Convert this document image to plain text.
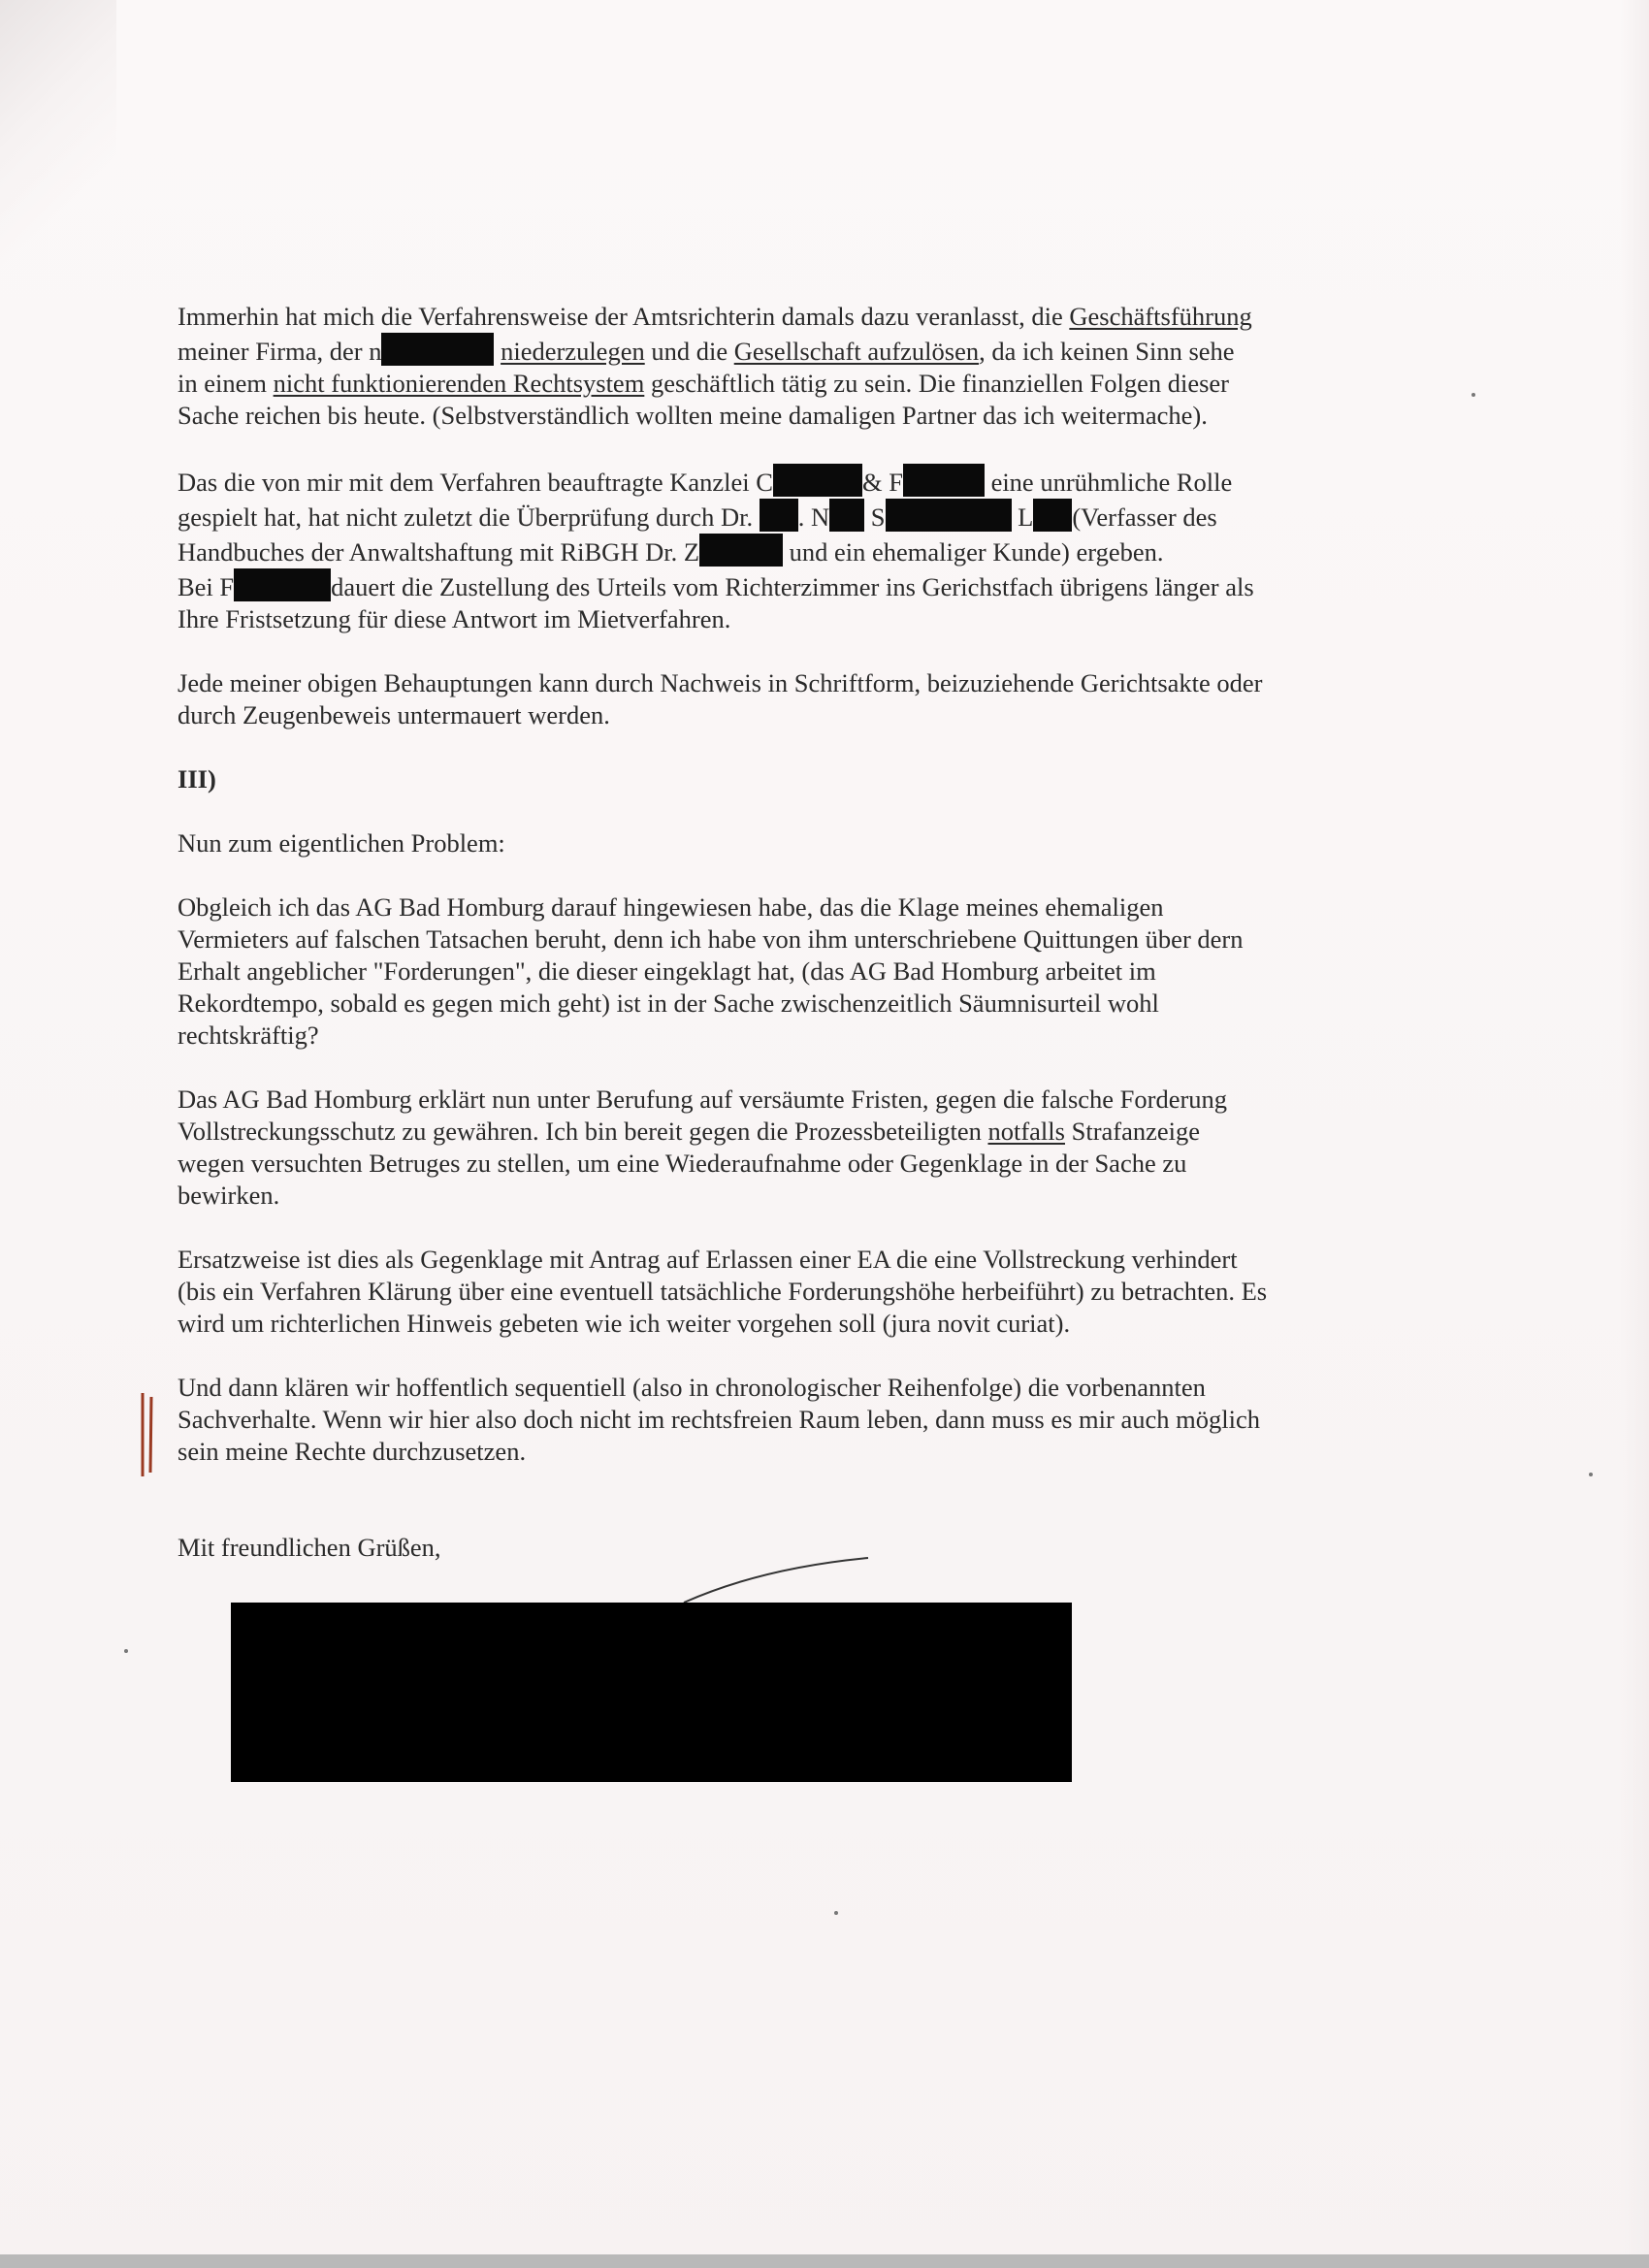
Immerhin hat mich die Verfahrensweise der Amtsrichterin damals dazu veranlasst, die Geschäftsführung
meiner Firma, der n	niederzulegen und die Gesellschaft aufzulösen, da ich keinen Sinn sehe
in einem nicht funktionierenden Rechtsystem geschäftlich tätig zu sein. Die finanziellen Folgen dieser
Sache reichen bis heute. (Selbstverständlich wollten meine damaligen Partner das ich weitermache).
Das die von mir mit dem Verfahren beauftragte Kanzlei C	& F	eine unrühmliche Rolle
gespielt hat, hat nicht zuletzt die Überprüfung durch Dr. . N S	L (Verfasser des
Handbuches der Anwaltshaftung mit RiBGH Dr. Z	und ein ehemaliger Kunde) ergeben.
Bei F	dauert die Zustellung des Urteils vom Richterzimmer ins Gerichstfach übrigens länger als
Ihre Fristsetzung für diese Antwort im Mietverfahren.
Jede meiner obigen Behauptungen kann durch Nachweis in Schriftform, beizuziehende Gerichtsakte oder
durch Zeugenbeweis untermauert werden.
III)
Nun zum eigentlichen Problem:
Obgleich ich das AG Bad Homburg darauf hingewiesen habe, das die Klage meines ehemaligen
Vermieters auf falschen Tatsachen beruht, denn ich habe von ihm unterschriebene Quittungen über dern
Erhalt angeblicher "Forderungen", die dieser eingeklagt hat, (das AG Bad Homburg arbeitet im
Rekordtempo, sobald es gegen mich geht) ist in der Sache zwischenzeitlich Säumnisurteil wohl
rechtskräftig?
Das AG Bad Homburg erklärt nun unter Berufung auf versäumte Fristen, gegen die falsche Forderung
Vollstreckungsschutz zu gewähren. Ich bin bereit gegen die Prozessbeteiligten notfalls Strafanzeige
wegen versuchten Betruges zu stellen, um eine Wiederaufnahme oder Gegenklage in der Sache zu
bewirken.
Ersatzweise ist dies als Gegenklage mit Antrag auf Erlassen einer EA die eine Vollstreckung verhindert
(bis ein Verfahren Klärung über eine eventuell tatsächliche Forderungshöhe herbeiführt) zu betrachten. Es
wird um richterlichen Hinweis gebeten wie ich weiter vorgehen soll (jura novit curiat).
Und dann klären wir hoffentlich sequentiell (also in chronologischer Reihenfolge) die vorbenannten
Sachverhalte. Wenn wir hier also doch nicht im rechtsfreien Raum leben, dann muss es mir auch möglich
sein meine Rechte durchzusetzen.
Mit freundlichen Grüßen,
